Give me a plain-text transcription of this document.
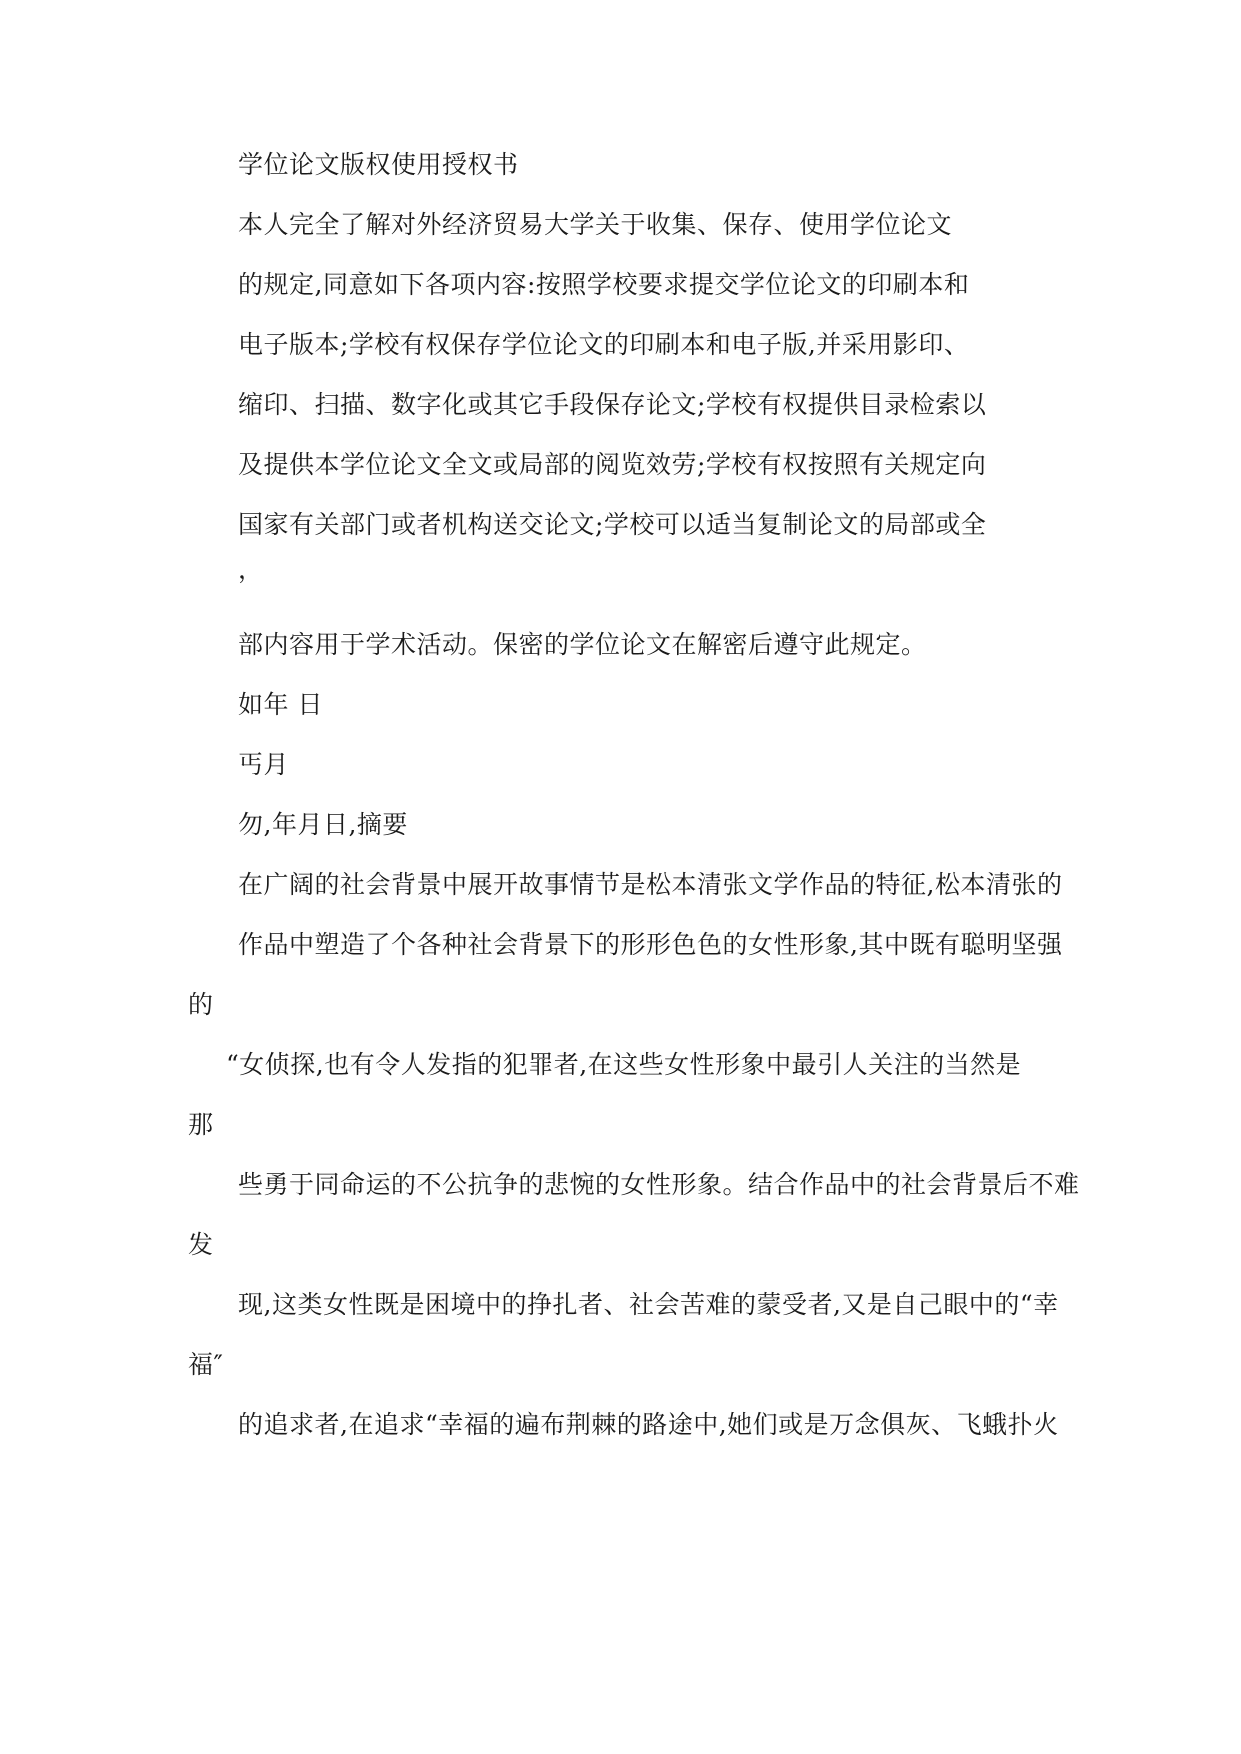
学位论文版权使用授权书
本人完全了解对外经济贸易大学关于收集、保存、使用学位论文
的规定,同意如下各项内容:按照学校要求提交学位论文的印刷本和
电子版本;学校有权保存学位论文的印刷本和电子版,并采用影印、
缩印、扫描、数字化或其它手段保存论文;学校有权提供目录检索以
及提供本学位论文全文或局部的阅览效劳;学校有权按照有关规定向
国家有关部门或者机构送交论文;学校可以适当复制论文的局部或全
，
部内容用于学术活动。保密的学位论文在解密后遵守此规定。
如年 日
丐月
勿,年月日,摘要
在广阔的社会背景中展开故事情节是松本清张文学作品的特征,松本清张的
作品中塑造了个各种社会背景下的形形色色的女性形象,其中既有聪明坚强
的
“女侦探,也有令人发指的犯罪者,在这些女性形象中最引人关注的当然是
那
些勇于同命运的不公抗争的悲惋的女性形象。结合作品中的社会背景后不难
发
现,这类女性既是困境中的挣扎者、社会苦难的蒙受者,又是自己眼中的“幸
福″
的追求者,在追求“幸福的遍布荆棘的路途中,她们或是万念俱灰、飞蛾扑火
